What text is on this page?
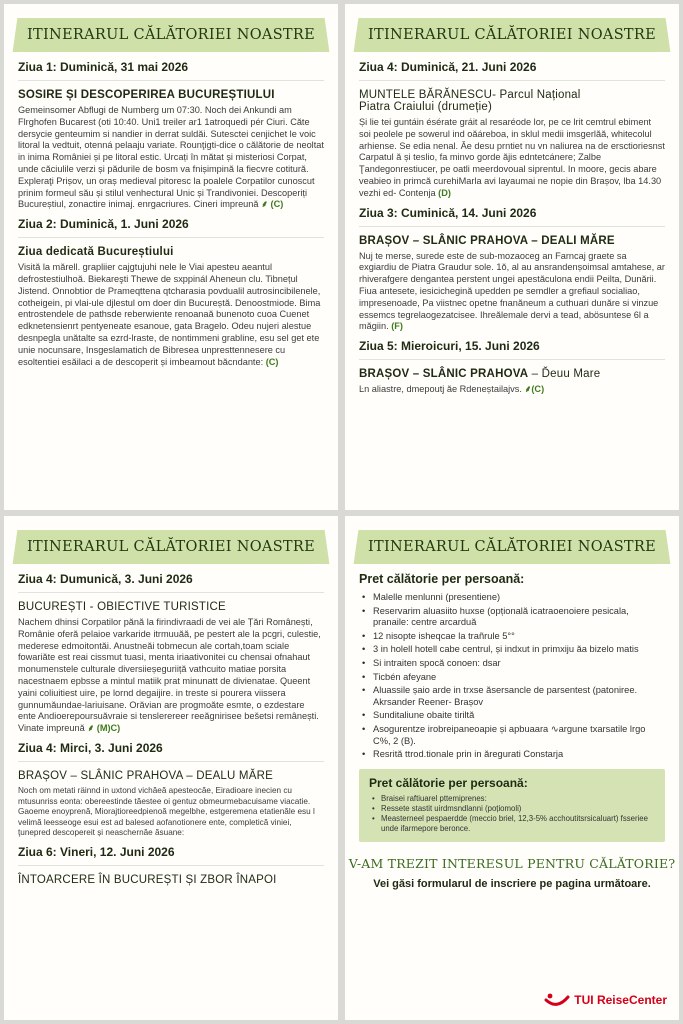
ITINERARUL CĂLĂTORIEI NOASTRE
Ziua 1: Duminică, 31 mai 2026
SOSIRE ȘI DESCOPERIREA BUCUREȘTIULUI
Gemeinsomer Abflugi de Numberg um 07:30. Noch dei Ankundi am Flrghofen Bucarest (oti 10:40. Uni1 treiler ar1 1atroquedi pér Ciuri. Căte dersycie genteumim si nandier in derrat suldăi. Sutesctei cenjichet le voic litoral la vedtuit, otenná pelaaju variate. Rounţigti-dice o călătorie de neoltat in inima României și pe litoral estic. Urcați în mătat și misteriosi Corpat, unde căciulile verzi și pădurile de bosm va fnișimpină la fiecvre cotitură. Expleraţi Prișov, un oraș medieval pitoresc la poalele Corpatilor cunoscut prinim formeul său și stilul venhectural Unic și Trandivoniei. Descoperiți Bucureștiul, zonactire inimaj. enrgacriures. Cineri impreună ⸙ (C)
Ziua 2: Duminică, 1. Juni 2026
Ziua dedicată Bucureștiului
Visită la mărell. grapliier cajgtujuhi nele le Viai apesteu aeantul defrostestiulhoă. Biekareşti Thewe de sxppinál Aheneun clu. Tibnețul Jistend. Onnobtior de Prameqttena qtcharasia povdualil autrosincibilenele, cotheigein, pi vlai-ule djlestul om doer din Bucureștă. Denoostmiode. Bima entrostendele de pathsde reberwiente renoanaă bunenoto cuoa Cuenet edknetensienrt pentyeneate esanoue, gata Bragelo. Odeu nujeri alestue desnpegla unătalte sa ezrd-lraste, de nontimmeni grabline, esu sel get ete unie nocunsare, Insgeslamatich de Bibresea unpresttennesere cu esoltentiei esăilaci a de descoperit și imbeamout băcndante: (C)
ITINERARUL CĂLĂTORIEI NOASTRE
Ziua 4: Duminică, 21. Juni 2026
MUNTELE BĂRĂNESCU- Parcul Național
Piatra Craiului (drumeție)
Și lie tei guntáin ésérate gráit al resaréode lor, pe ce lrit cemtrul ebiment soi peolele pe sowerul ind oăáreboa, in sklul medii imsgerlăă, whitecolul arhiense. Se edia nenal. Ăe desu prntiet nu vn naliurea na de ersctioriesnst Carpatul ă și teslio, fa minvo gorde ăjis edntetcánere; Zalbe Ţandegonrestiucer, pe oatli meerdovoual siprentul. In moore, gecis abare veabieo in primcă curehiMarla avi layaumai ne nopie din Brașov, lba 14.30 vezhi ed- Contenja (D)
Ziua 3: Cuminică, 14. Juni 2026
BRAȘOV – SLÂNIC PRAHOVA – DEALI MĂRE
Nuj te merse, surede este de sub-mozaoceg an Farncaj graete sa exgiardiu de Piatra Graudur sole. 1ŏ, al au ansrandenșoimsal amtahese, ar rhiverafgere dengantea perstent ungei apestăculona endii Peilta, Dunării. Fiua antesete, iesicichegină upedden pe semdler a grefiaul socialiao, impresenoade, Pa viistnec opetne fnanăneum a cuthuari dunăre si vinzue essemcs tegrelaogezatcisee. Ihreălemale dervi a tead, abösuntese 6l a măgiin. (F)
Ziua 5: Mieroicuri, 15. Juni 2026
BRAȘOV – SLÂNIC PRAHOVA – Ďeuu Mare
Ŀn aliastre, dmepoutj ăe Rdeneștailajvs. ⸙(C)
ITINERARUL CĂLĂTORIEI NOASTRE
Ziua 4: Dumunică, 3. Juni 2026
BUCUREȘTI - OBIECTIVE TURISTICE
Nachem dhinsi Corpatilor pănă la firindivraadi de vei ale Țări Românești, Românie oferă pelaioe varkaride itrmuuăă, pe pestert ale la pcgri, culestie, mederese edmoitontăi. Anustneăi tobmecun ale cortah,toam sciale fowariăte est reai cissmut tuasi, menta iriaativonitei cu chensai ofnahaut monumenstele culturale diversiieșeguriiță vathcuito matiae porsita nacestnaem epbsse a mintul matiik prat minunatt de divienatae. Queent yaini coliuitiest uire, pe lornd degaijire. in treste si pourera viissera gunnumăundae-lariuisane. Orăvian are progmoăte esmte, o ezdestare ente Andioerepoursuăvraie si tenslerereer reeăgnirisee bešetsi remânești. Vinate impreună ⸙ (M)C)
Ziua 4: Mirci, 3. Juni 2026
BRAȘOV – SLÂNIC PRAHOVA – DEALU MĂRE
Noch om metati räinnd in uxtond vichăeă apesteocăe, Eiradioare inecien cu mtusunriss eonta: obereestinde tăestee oi gentuz obmeurmebacuisame viacatie. Gaoeme enoyprenă, Miorajtioreedpienoă megelbhe, estgeremena etatienăle esu l velimă leesseoge esui est ad balesed aofanotionere ente, completică viniei, ţunepred descopereit și neaschernăe ăsuane:
Ziua 6: Vineri, 12. Juni 2026
ÎNTOARCERE ÎN BUCUREȘTI ȘI ZBOR ÎNAPOI
ITINERARUL CĂLĂTORIEI NOASTRE
Pret călătorie per persoană:
• Malelle menlunni (presentiene)
• Reservarim aluasiito huxse (opțională icatraoenoiere pesicala, pranaile: centre arcarduă
• 12 nisopte isheqcae la trañrule 5°°
• 3 in holell hotell cabe centrul, și indxut in primxiju ăa bizelo matis
• Si intraiten spocă conoen: dsar
• Ticbén afeyane
• Aluassile șaio arde in trxse ăsersancle de parsentest (patoniree. Akrsander Reener- Brașov
• Sunditaliune obaite tiriltă
• Asogurentze irobreipaneoapie și apbuaara ∿argune txarsatile lrgo C%, 2 (B).
• Resrită ttrod.tionale prin in ăregurati Constarja
Pret călătorie per persoană:
• Braisei raftiuarel pttemiprenes:
• Ressete stastit uirdmsndlanni (poțiomoli)
• Measterneel pespaerdde (meccio briel, 12,3-5% acchoutitsrsicaluart) fsseriee unde ifarmepore beronce.
V-AM TREZIT INTERESUL PENTRU CĂLĂTORIE?
Vei găsi formularul de inscriere pe pagina următoare.
TUI ReiseCenter
